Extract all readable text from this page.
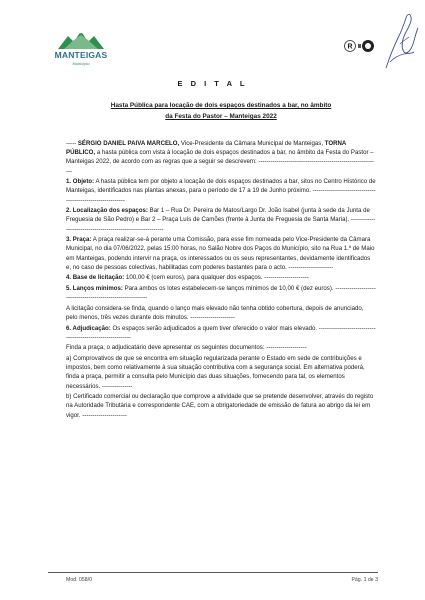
MANTEIGAS
Município
R
E D I T A L
Hasta Pública para locação de dois espaços destinados a bar, no âmbito
da Festa do Pastor – Manteigas 2022

----- SÉRGIO DANIEL PAIVA MARCELO, Vice-Presidente da Câmara Municipal de Manteigas, TORNA PÚBLICO, a hasta pública com vista à locação de dois espaços destinados a bar, no âmbito da Festa do Pastor – Manteigas 2022, de acordo com as regras que a seguir se descrevem: ------------------------------------------------------------

1. Objeto: A hasta pública tem por objeto a locação de dois espaços destinados a bar, sitos no Centro Histórico de Manteigas, identificados nas plantas anexas, para o período de 17 a 19 de Junho próximo. ------------------------------------------------------------

2. Localização dos espaços: Bar 1 – Rua Dr. Pereira de Matos/Largo Dr. João Isabel (junta à sede da Junta de Freguesia de São Pedro) e Bar 2 – Praça Luís de Camões (frente à Junta de Freguesia de Santa Maria). ------------------------------------------------------------

3. Praça: A praça realizar-se-á perante uma Comissão, para esse fim nomeada pelo Vice-Presidente da Câmara Municipal, no dia 07/06/2022, pelas 15:00 horas, no Salão Nobre dos Paços do Município, sito na Rua 1.º de Maio em Manteigas, podendo intervir na praça, os interessados ou os seus representantes, devidamente identificados e, no caso de pessoas colectivas, habilitadas com poderes bastantes para o acto. ----------------------

4. Base de licitação: 100,00 € (cem euros), para qualquer dos espaços. ----------------------

5. Lanços mínimos: Para ambos os lotes estabelecem-se lanços mínimos de 10,00 € (dez euros). ------------------------------------------------------------

A licitação considera-se finda, quando o lanço mais elevado não tenha obtido cobertura, depois de anunciado, pelo menos, três vezes durante dois minutos. ----------------------

6. Adjudicação: Os espaços serão adjudicados a quem tiver oferecido o valor mais elevado. ------------------------------------------------------------

Finda a praça, o adjudicatário deve apresentar os seguintes documentos: --------------------

a) Comprovativos de que se encontra em situação regularizada perante o Estado em sede de contribuições e impostos, bem como relativamente à sua situação contributiva com a segurança social. Em alternativa poderá, finda a praça, permitir a consulta pelo Município das duas situações, fornecendo para tal, os elementos necessários. ---------------

b) Certificado comercial ou declaração que comprove a atividade que se pretende desenvolver, através do registo na Autoridade Tributária e correspondente CAE, com a obrigatoriedade de emissão de fatura ao abrigo da lei em vigor. ----------------------

Mod. 058/0	Pág. 1 de 3
